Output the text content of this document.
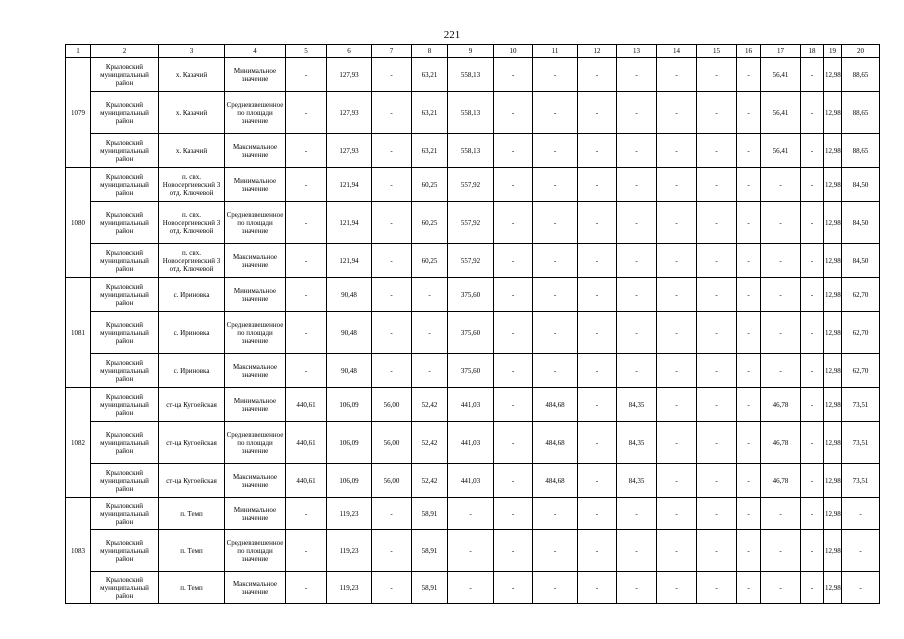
221
1	2	3	4	5	6	7	8	9	10	11	12	13	14	15	16	17	18	19	20
1079	Крыловский муниципальный район	х. Казачий	Минимальное значение	-	127,93	-	63,21	558,13	-	-	-	-	-	-	-	56,41	-	12,98	88,65
	Крыловский муниципальный район	х. Казачий	Средневзвешенное по площади значение	-	127,93	-	63,21	558,13	-	-	-	-	-	-	-	56,41	-	12,98	88,65
	Крыловский муниципальный район	х. Казачий	Максимальное значение	-	127,93	-	63,21	558,13	-	-	-	-	-	-	-	56,41	-	12,98	88,65
1080	Крыловский муниципальный район	п. свх. Новосергиевский 3 отд. Ключевой	Минимальное значение	-	121,94	-	60,25	557,92	-	-	-	-	-	-	-	-	-	12,98	84,50
	Крыловский муниципальный район	п. свх. Новосергиевский 3 отд. Ключевой	Средневзвешенное по площади значение	-	121,94	-	60,25	557,92	-	-	-	-	-	-	-	-	-	12,98	84,50
	Крыловский муниципальный район	п. свх. Новосергиевский 3 отд. Ключевой	Максимальное значение	-	121,94	-	60,25	557,92	-	-	-	-	-	-	-	-	-	12,98	84,50
1081	Крыловский муниципальный район	с. Ириновка	Минимальное значение	-	90,48	-	-	375,60	-	-	-	-	-	-	-	-	-	12,98	62,70
	Крыловский муниципальный район	с. Ириновка	Средневзвешенное по площади значение	-	90,48	-	-	375,60	-	-	-	-	-	-	-	-	-	12,98	62,70
	Крыловский муниципальный район	с. Ириновка	Максимальное значение	-	90,48	-	-	375,60	-	-	-	-	-	-	-	-	-	12,98	62,70
1082	Крыловский муниципальный район	ст-ца Кугоейская	Минимальное значение	440,61	106,09	56,00	52,42	441,03	-	484,68	-	84,35	-	-	-	46,78	-	12,98	73,51
	Крыловский муниципальный район	ст-ца Кугоейская	Средневзвешенное по площади значение	440,61	106,09	56,00	52,42	441,03	-	484,68	-	84,35	-	-	-	46,78	-	12,98	73,51
	Крыловский муниципальный район	ст-ца Кугоейская	Максимальное значение	440,61	106,09	56,00	52,42	441,03	-	484,68	-	84,35	-	-	-	46,78	-	12,98	73,51
1083	Крыловский муниципальный район	п. Темп	Минимальное значение	-	119,23	-	58,91	-	-	-	-	-	-	-	-	-	-	12,98	-
	Крыловский муниципальный район	п. Темп	Средневзвешенное по площади значение	-	119,23	-	58,91	-	-	-	-	-	-	-	-	-	-	12,98	-
	Крыловский муниципальный район	п. Темп	Максимальное значение	-	119,23	-	58,91	-	-	-	-	-	-	-	-	-	-	12,98	-
